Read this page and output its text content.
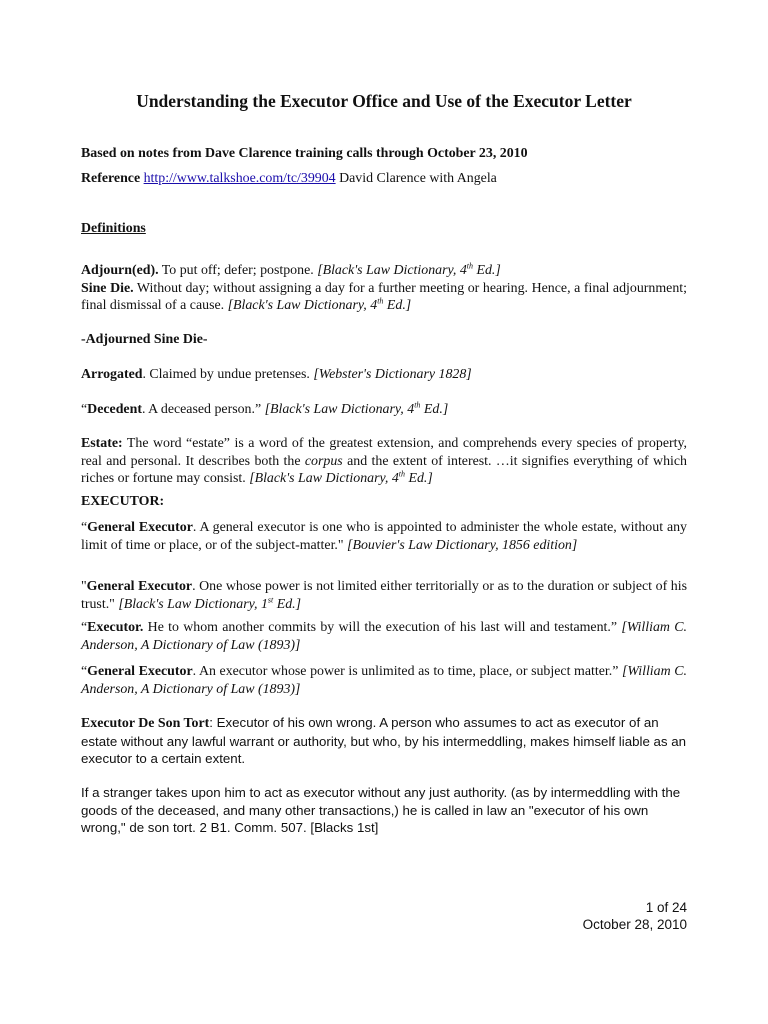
Understanding the Executor Office and Use of the Executor Letter
Based on notes from Dave Clarence training calls through October 23, 2010
Reference http://www.talkshoe.com/tc/39904 David Clarence with Angela
Definitions
Adjourn(ed). To put off; defer; postpone. [Black's Law Dictionary, 4th Ed.]
Sine Die. Without day; without assigning a day for a further meeting or hearing. Hence, a final adjournment; final dismissal of a cause. [Black's Law Dictionary, 4th Ed.]
-Adjourned Sine Die-
Arrogated. Claimed by undue pretenses. [Webster's Dictionary 1828]
“Decedent. A deceased person.” [Black's Law Dictionary, 4th Ed.]
Estate: The word “estate” is a word of the greatest extension, and comprehends every species of property, real and personal. It describes both the corpus and the extent of interest. …it signifies everything of which riches or fortune may consist. [Black's Law Dictionary, 4th Ed.]
EXECUTOR:
“General Executor. A general executor is one who is appointed to administer the whole estate, without any limit of time or place, or of the subject-matter." [Bouvier's Law Dictionary, 1856 edition]
"General Executor. One whose power is not limited either territorially or as to the duration or subject of his trust." [Black's Law Dictionary, 1st Ed.]
“Executor. He to whom another commits by will the execution of his last will and testament.” [William C. Anderson, A Dictionary of Law (1893)]
“General Executor. An executor whose power is unlimited as to time, place, or subject matter.” [William C. Anderson, A Dictionary of Law (1893)]
Executor De Son Tort: Executor of his own wrong. A person who assumes to act as executor of an estate without any lawful warrant or authority, but who, by his intermeddling, makes himself liable as an executor to a certain extent.
If a stranger takes upon him to act as executor without any just authority. (as by intermeddling with the goods of the deceased, and many other transactions,) he is called in law an "executor of his own wrong," de son tort. 2 B1. Comm. 507. [Blacks 1st]
1 of 24
October 28, 2010
